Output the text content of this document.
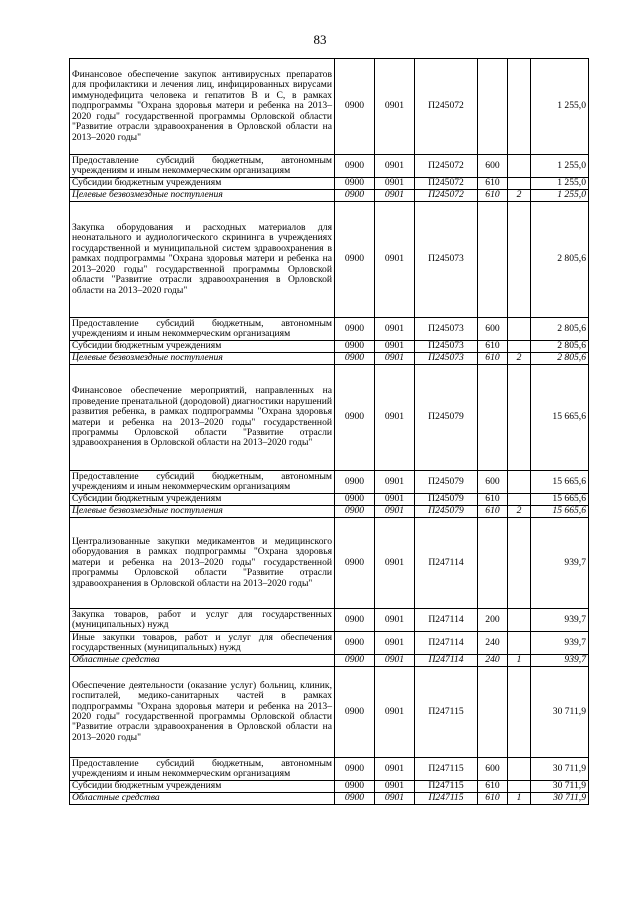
83
Финансовое обеспечение закупок антивирусных препаратов для профилактики и лечения лиц, инфицированных вирусами иммунодефицита человека и гепатитов В и С, в рамках подпрограммы "Охрана здоровья матери и ребенка на 2013–2020 годы" государственной программы Орловской области "Развитие отрасли здравоохранения в Орловской области на 2013–2020 годы"	0900	0901	П245072			1 255,0
Предоставление субсидий бюджетным, автономным учреждениям и иным некоммерческим организациям	0900	0901	П245072	600		1 255,0
Субсидии бюджетным учреждениям	0900	0901	П245072	610		1 255,0
Целевые безвозмездные поступления	0900	0901	П245072	610	2	1 255,0
Закупка оборудования и расходных материалов для неонатального и аудиологического скрининга в учреждениях государственной и муниципальной систем здравоохранения в рамках подпрограммы "Охрана здоровья матери и ребенка на 2013–2020 годы" государственной программы Орловской области "Развитие отрасли здравоохранения в Орловской области на 2013–2020 годы"	0900	0901	П245073			2 805,6
Предоставление субсидий бюджетным, автономным учреждениям и иным некоммерческим организациям	0900	0901	П245073	600		2 805,6
Субсидии бюджетным учреждениям	0900	0901	П245073	610		2 805,6
Целевые безвозмездные поступления	0900	0901	П245073	610	2	2 805,6
Финансовое обеспечение мероприятий, направленных на проведение пренатальной (дородовой) диагностики нарушений развития ребенка, в рамках подпрограммы "Охрана здоровья матери и ребенка на 2013–2020 годы" государственной программы Орловской области "Развитие отрасли здравоохранения в Орловской области на 2013–2020 годы"	0900	0901	П245079			15 665,6
Предоставление субсидий бюджетным, автономным учреждениям и иным некоммерческим организациям	0900	0901	П245079	600		15 665,6
Субсидии бюджетным учреждениям	0900	0901	П245079	610		15 665,6
Целевые безвозмездные поступления	0900	0901	П245079	610	2	15 665,6
Централизованные закупки медикаментов и медицинского оборудования в рамках подпрограммы "Охрана здоровья матери и ребенка на 2013–2020 годы" государственной программы Орловской области "Развитие отрасли здравоохранения в Орловской области на 2013–2020 годы"	0900	0901	П247114			939,7
Закупка товаров, работ и услуг для государственных (муниципальных) нужд	0900	0901	П247114	200		939,7
Иные закупки товаров, работ и услуг для обеспечения государственных (муниципальных) нужд	0900	0901	П247114	240		939,7
Областные средства	0900	0901	П247114	240	1	939,7
Обеспечение деятельности (оказание услуг) больниц, клиник, госпиталей, медико-санитарных частей в рамках подпрограммы "Охрана здоровья матери и ребенка на 2013–2020 годы" государственной программы Орловской области "Развитие отрасли здравоохранения в Орловской области на 2013–2020 годы"	0900	0901	П247115			30 711,9
Предоставление субсидий бюджетным, автономным учреждениям и иным некоммерческим организациям	0900	0901	П247115	600		30 711,9
Субсидии бюджетным учреждениям	0900	0901	П247115	610		30 711,9
Областные средства	0900	0901	П247115	610	1	30 711,9
